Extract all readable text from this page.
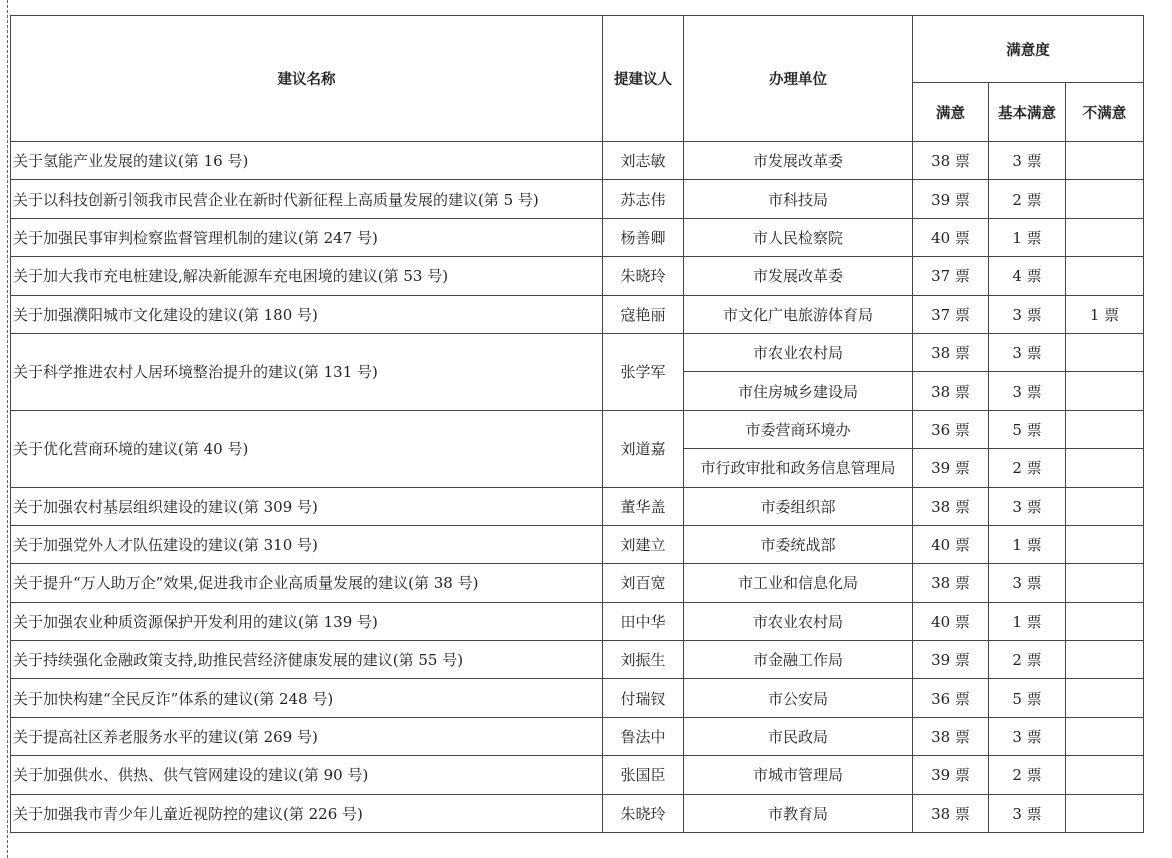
建议名称	提建议人	办理单位	满意度		
			满意	基本满意	不满意
关于氢能产业发展的建议(第 16 号)	刘志敏	市发展改革委	38 票	3 票	
关于以科技创新引领我市民营企业在新时代新征程上高质量发展的建议(第 5 号)	苏志伟	市科技局	39 票	2 票	
关于加强民事审判检察监督管理机制的建议(第 247 号)	杨善卿	市人民检察院	40 票	1 票	
关于加大我市充电桩建设,解决新能源车充电困境的建议(第 53 号)	朱晓玲	市发展改革委	37 票	4 票	
关于加强濮阳城市文化建设的建议(第 180 号)	寇艳丽	市文化广电旅游体育局	37 票	3 票	1 票
关于科学推进农村人居环境整治提升的建议(第 131 号)	张学军	市农业农村局	38 票	3 票	
		市住房城乡建设局	38 票	3 票	
关于优化营商环境的建议(第 40 号)	刘道嘉	市委营商环境办	36 票	5 票	
		市行政审批和政务信息管理局	39 票	2 票	
关于加强农村基层组织建设的建议(第 309 号)	董华盖	市委组织部	38 票	3 票	
关于加强党外人才队伍建设的建议(第 310 号)	刘建立	市委统战部	40 票	1 票	
关于提升“万人助万企”效果,促进我市企业高质量发展的建议(第 38 号)	刘百宽	市工业和信息化局	38 票	3 票	
关于加强农业种质资源保护开发利用的建议(第 139 号)	田中华	市农业农村局	40 票	1 票	
关于持续强化金融政策支持,助推民营经济健康发展的建议(第 55 号)	刘振生	市金融工作局	39 票	2 票	
关于加快构建“全民反诈”体系的建议(第 248 号)	付瑞钗	市公安局	36 票	5 票	
关于提高社区养老服务水平的建议(第 269 号)	鲁法中	市民政局	38 票	3 票	
关于加强供水、供热、供气管网建设的建议(第 90 号)	张国臣	市城市管理局	39 票	2 票	
关于加强我市青少年儿童近视防控的建议(第 226 号)	朱晓玲	市教育局	38 票	3 票	
